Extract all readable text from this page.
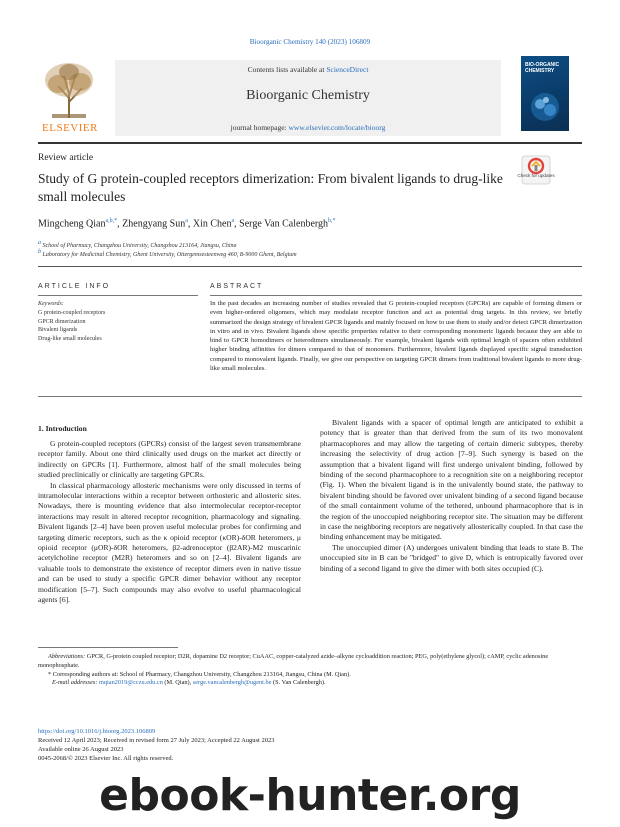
Bioorganic Chemistry 140 (2023) 106809
Contents lists available at ScienceDirect
Bioorganic Chemistry
journal homepage: www.elsevier.com/locate/bioorg
ELSEVIER
BIO-ORGANIC CHEMISTRY
Review article
Study of G protein-coupled receptors dimerization: From bivalent ligands to drug-like small molecules
Check for updates
Mingcheng Qian$^{a,b,*}$, Zhengyang Sun$^a$, Xin Chen$^a$, Serge Van Calenbergh$^{b,*}$
$^a$ School of Pharmacy, Changzhou University, Changzhou 213164, Jiangsu, China
$^b$ Laboratory for Medicinal Chemistry, Ghent University, Ottergemsesteenweg 460, B-9000 Ghent, Belgium
ARTICLE INFO	ABSTRACT
Keywords:
G protein-coupled receptors
GPCR dimerization
Bivalent ligands
Drug-like small molecules
In the past decades an increasing number of studies revealed that G protein-coupled receptors (GPCRs) are capable of forming dimers or even higher-ordered oligomers, which may modulate receptor function and act as potential drug targets. In this review, we briefly summarized the design strategy of bivalent GPCR ligands and mainly focused on how to use them to study and/or detect GPCR dimerization in vitro and in vivo. Bivalent ligands show specific properties relative to their corresponding monomeric ligands because they are able to bind to GPCR homodimers or heterodimers simultaneously. For example, bivalent ligands with optimal length of spacers often exhibited higher binding affinities for dimers compared to that of monomers. Furthermore, bivalent ligands displayed specific signal transduction compared to monovalent ligands. Finally, we give our perspective on targeting GPCR dimers from traditional bivalent ligands to more drug-like small molecules.
1. Introduction

G protein-coupled receptors (GPCRs) consist of the largest seven transmembrane receptor family. About one third clinically used drugs on the market act directly or indirectly on GPCRs [1]. Furthermore, almost half of the small molecules being studied preclinically or clinically are targeting GPCRs.

In classical pharmacology allosteric mechanisms were only discussed in terms of intramolecular interactions within a receptor between orthosteric and allosteric sites. Nowadays, there is mounting evidence that also intermolecular receptor-receptor interactions may result in altered receptor recognition, pharmacology and signaling. Bivalent ligands [2–4] have been proven useful molecular probes for confirming and targeting dimeric receptors, such as the κ opioid receptor (κOR)-δOR heteromers, μ opioid receptor (μOR)-δOR heteromers, β2-adrenoceptor (β2AR)-M2 muscarinic acetylcholine receptor (M2R) heteromers and so on [2–4]. Bivalent ligands are valuable tools to demonstrate the existence of receptor dimers even in native tissue and can be used to study a specific GPCR dimer behavior without any receptor modification [5–7]. Such compounds may also evolve to useful pharmacological agents [6].

Bivalent ligands with a spacer of optimal length are anticipated to exhibit a potency that is greater than that derived from the sum of its two monovalent pharmacophores and may allow the targeting of certain dimeric subtypes, thereby increasing the selectivity of drug action [7–9]. Such synergy is based on the assumption that a bivalent ligand will first undergo univalent binding, followed by binding of the second pharmacophore to a recognition site on a neighboring receptor (Fig. 1). When the bivalent ligand is in the univalently bound state, the pathway to bivalent binding should be favored over univalent binding of a second ligand because of the small containment volume of the tethered, unbound pharmacophore that is in the region of the unoccupied neighboring receptor site. The situation may be different in case the neighboring receptors are negatively allosterically coupled. In that case the binding enhancement may be mitigated.

The unoccupied dimer (A) undergoes univalent binding that leads to state B. The unoccupied site in B can be ''bridged'' to give D, which is entropically favored over binding of a second ligand to give the dimer with both sites occupied (C).

Abbreviations: GPCR, G-protein coupled receptor; D2R, dopamine D2 receptor; CuAAC, copper-catalyzed azide–alkyne cycloaddition reaction; PEG, poly(ethylene glycol); cAMP, cyclic adenosine monophosphate.
* Corresponding authors at: School of Pharmacy, Changzhou University, Changzhou 213164, Jiangsu, China (M. Qian).
E-mail addresses: mqian2019@cczu.edu.cn (M. Qian), serge.vancalenbergh@ugent.be (S. Van Calenbergh).
https://doi.org/10.1016/j.bioorg.2023.106809
Received 12 April 2023; Received in revised form 27 July 2023; Accepted 22 August 2023
Available online 26 August 2023
0045-2068/© 2023 Elsevier Inc. All rights reserved.
ebook-hunter.org
